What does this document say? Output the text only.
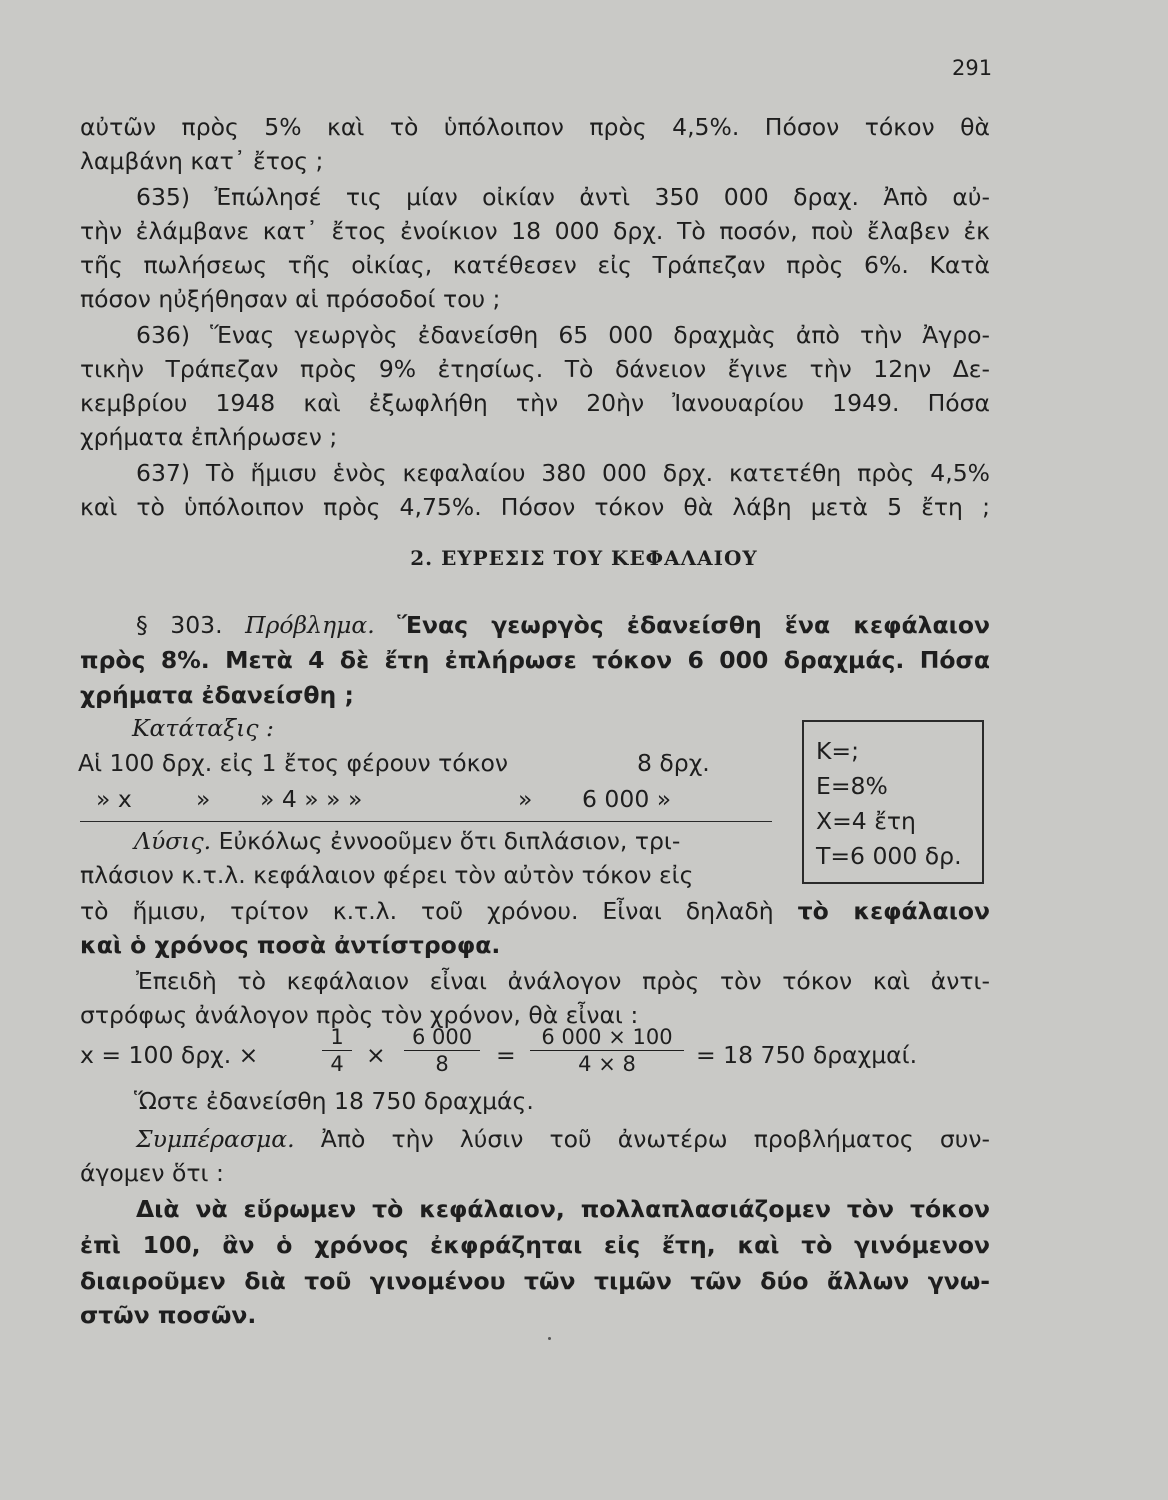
291
αὐτῶν πρὸς 5% καὶ τὸ ὑπόλοιπον πρὸς 4,5%. Πόσον τόκον θὰ
λαμβάνη κατ᾽ ἔτος ;
635) Ἐπώλησέ τις μίαν οἰκίαν ἀντὶ 350 000 δραχ. Ἀπὸ αὐ-
τὴν ἐλάμβανε κατ᾽ ἔτος ἐνοίκιον 18 000 δρχ. Τὸ ποσόν, ποὺ ἔλαβεν ἐκ
τῆς πωλήσεως τῆς οἰκίας, κατέθεσεν εἰς Τράπεζαν πρὸς 6%. Κατὰ
πόσον ηὐξήθησαν αἱ πρόσοδοί του ;
636) Ἕνας γεωργὸς ἐδανείσθη 65 000 δραχμὰς ἀπὸ τὴν Ἀγρο-
τικὴν Τράπεζαν πρὸς 9% ἐτησίως. Τὸ δάνειον ἔγινε τὴν 12ην Δε-
κεμβρίου 1948 καὶ ἐξωφλήθη τὴν 20ὴν Ἰανουαρίου 1949. Πόσα
χρήματα ἐπλήρωσεν ;
637) Τὸ ἥμισυ ἑνὸς κεφαλαίου 380 000 δρχ. κατετέθη πρὸς 4,5%
καὶ τὸ ὑπόλοιπον πρὸς 4,75%. Πόσον τόκον θὰ λάβη μετὰ 5 ἔτη ;
2. ΕΥΡΕΣΙΣ ΤΟΥ ΚΕΦΑΛΑΙΟΥ
§ 303. Πρόβλημα. Ἕνας γεωργὸς ἐδανείσθη ἕνα κεφάλαιον
πρὸς 8%. Μετὰ 4 δὲ ἔτη ἐπλήρωσε τόκον 6 000 δραχμάς. Πόσα
χρήματα ἐδανείσθη ;
Κατάταξις :
Αἱ 100 δρχ. εἰς 1 ἔτος φέρουν τόκον	8 δρχ.
» x	» » 4 » » »	» 6 000 »
K=;
E=8%
X=4 ἔτη
T=6 000 δρ.
Λύσις. Εὐκόλως ἐννοοῦμεν ὅτι διπλάσιον, τρι-
πλάσιον κ.τ.λ. κεφάλαιον φέρει τὸν αὐτὸν τόκον εἰς
τὸ ἥμισυ, τρίτον κ.τ.λ. τοῦ χρόνου. Εἶναι δηλαδὴ τὸ κεφάλαιον
καὶ ὁ χρόνος ποσὰ ἀντίστροφα.
Ἐπειδὴ τὸ κεφάλαιον εἶναι ἀνάλογον πρὸς τὸν τόκον καὶ ἀντι-
στρόφως ἀνάλογον πρὸς τὸν χρόνον, θὰ εἶναι :
x = 100 δρχ. ×	$\frac{1}{4} \times \frac{6 000}{8} = \frac{6 000 \times 100}{4 \times 8} = 18$ 750 δραχμαί.
Ὥστε ἐδανείσθη 18 750 δραχμάς.
Συμπέρασμα. Ἀπὸ τὴν λύσιν τοῦ ἀνωτέρω προβλήματος συν-
άγομεν ὅτι :
Διὰ νὰ εὕρωμεν τὸ κεφάλαιον, πολλαπλασιάζομεν τὸν τόκον
ἐπὶ 100, ἂν ὁ χρόνος ἐκφράζηται εἰς ἔτη, καὶ τὸ γινόμενον
διαιροῦμεν διὰ τοῦ γινομένου τῶν τιμῶν τῶν δύο ἄλλων γνω-
στῶν ποσῶν.
